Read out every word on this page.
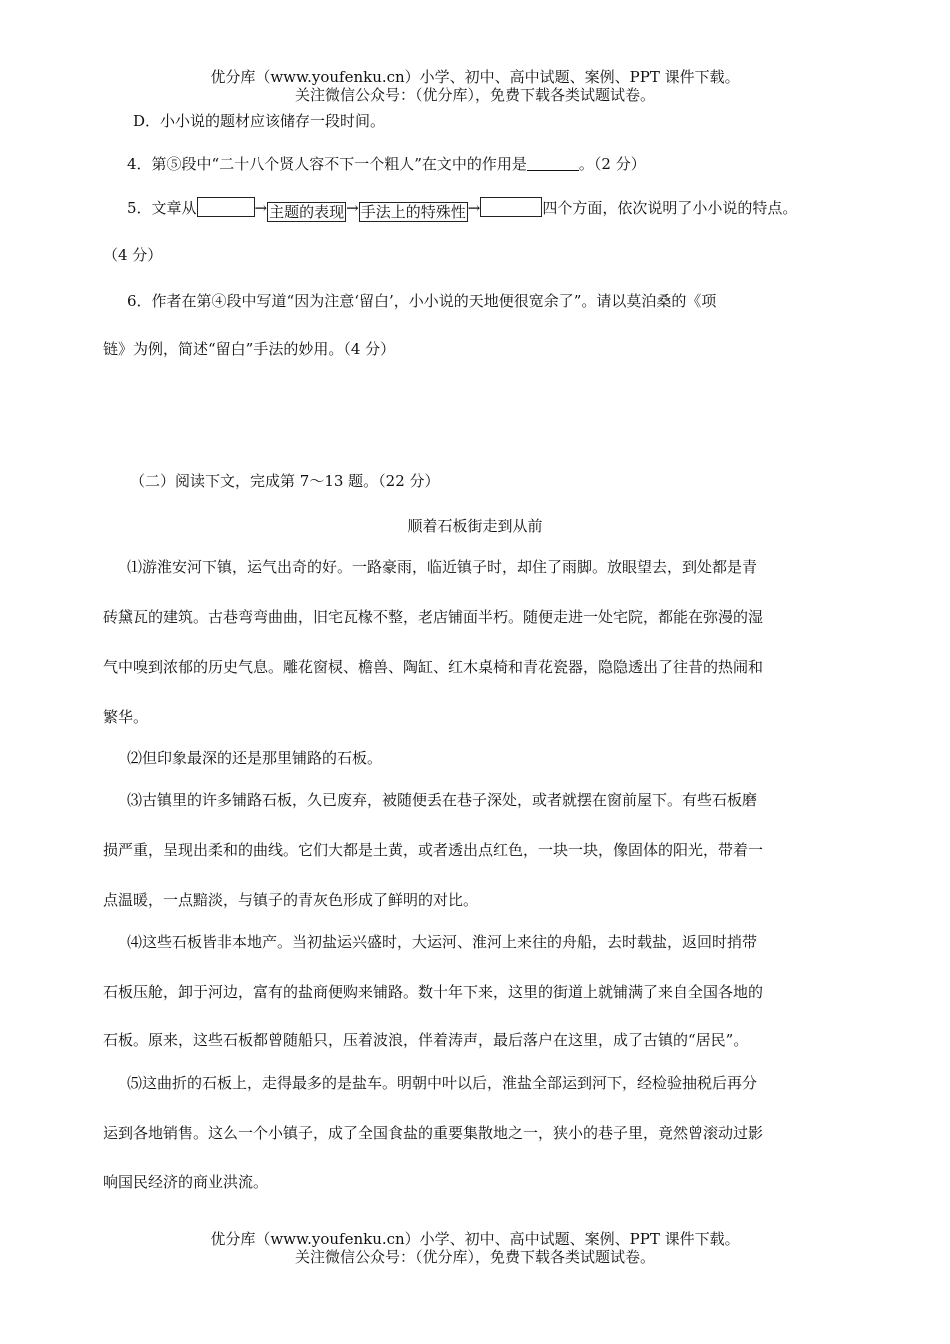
优分库（www.youfenku.cn）小学、初中、高中试题、案例、PPT 课件下载。
关注微信公众号：（优分库），免费下载各类试题试卷。
D．小小说的题材应该储存一段时间。
4．第⑤段中“二十八个贤人容不下一个粗人”在文中的作用是	。（2 分）
5．文章从	→ 主题的表现 → 手法上的特殊性 →	四个方面，依次说明了小小说的特点。
（4 分）
6．作者在第④段中写道“因为注意‘留白’，小小说的天地便很宽余了”。请以莫泊桑的《项
链》为例，简述“留白”手法的妙用。（4 分）
（二）阅读下文，完成第 7～13 题。（22 分）
顺着石板街走到从前
⑴游淮安河下镇，运气出奇的好。一路豪雨，临近镇子时，却住了雨脚。放眼望去，到处都是青
砖黛瓦的建筑。古巷弯弯曲曲，旧宅瓦椽不整，老店铺面半朽。随便走进一处宅院，都能在弥漫的湿
气中嗅到浓郁的历史气息。雕花窗棂、檐兽、陶缸、红木桌椅和青花瓷器，隐隐透出了往昔的热闹和
繁华。
⑵但印象最深的还是那里铺路的石板。
⑶古镇里的许多铺路石板，久已废弃，被随便丢在巷子深处，或者就摆在窗前屋下。有些石板磨
损严重，呈现出柔和的曲线。它们大都是土黄，或者透出点红色，一块一块，像固体的阳光，带着一
点温暖，一点黯淡，与镇子的青灰色形成了鲜明的对比。
⑷这些石板皆非本地产。当初盐运兴盛时，大运河、淮河上来往的舟船，去时载盐，返回时捎带
石板压舱，卸于河边，富有的盐商便购来铺路。数十年下来，这里的街道上就铺满了来自全国各地的
石板。原来，这些石板都曾随船只，压着波浪，伴着涛声，最后落户在这里，成了古镇的“居民”。
⑸这曲折的石板上，走得最多的是盐车。明朝中叶以后，淮盐全部运到河下，经检验抽税后再分
运到各地销售。这么一个小镇子，成了全国食盐的重要集散地之一，狭小的巷子里，竟然曾滚动过影
响国民经济的商业洪流。
优分库（www.youfenku.cn）小学、初中、高中试题、案例、PPT 课件下载。
关注微信公众号：（优分库），免费下载各类试题试卷。
